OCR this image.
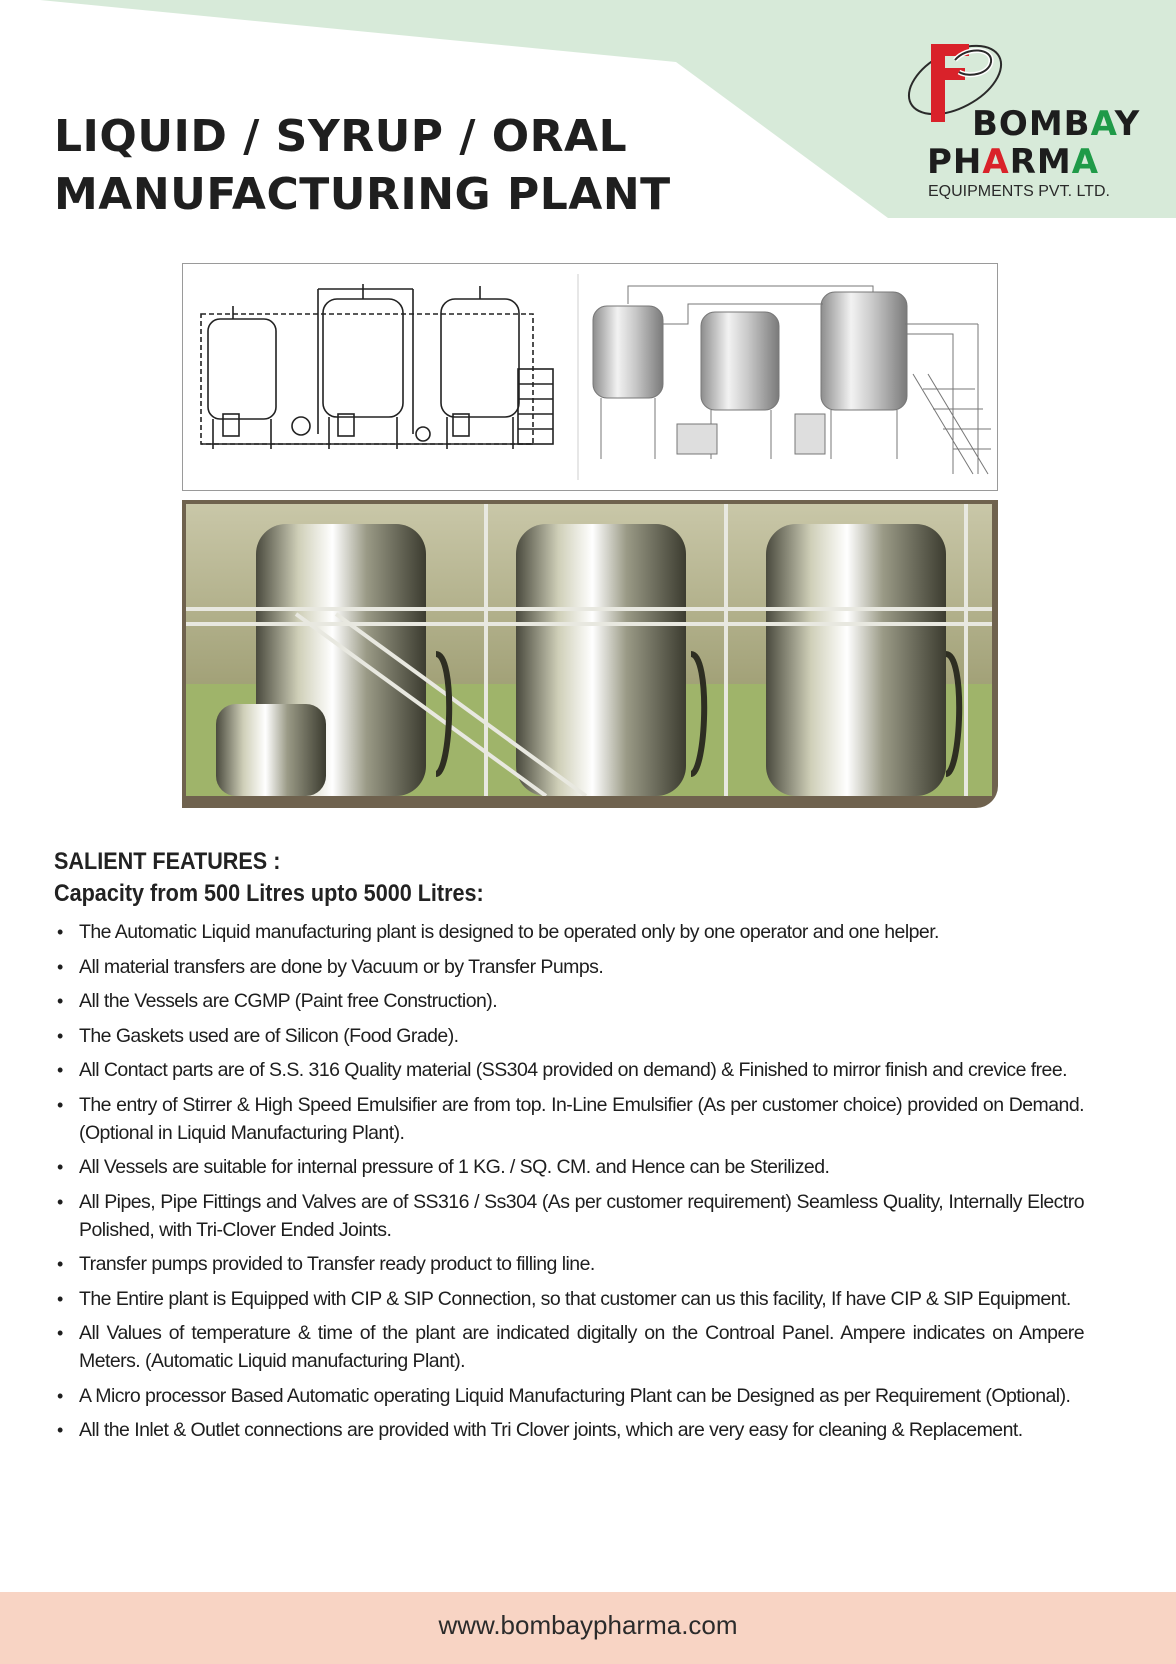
LIQUID / SYRUP / ORAL
MANUFACTURING PLANT
BOMBAY
PHARMA
EQUIPMENTS PVT. LTD.
SALIENT FEATURES :
Capacity from 500 Litres upto 5000 Litres:
• The Automatic Liquid manufacturing plant is designed to be operated only by one operator and one helper.
• All material transfers are done by Vacuum or by Transfer Pumps.
• All the Vessels are CGMP (Paint free Construction).
• The Gaskets used are of Silicon (Food Grade).
• All Contact parts are of S.S. 316 Quality material (SS304 provided on demand) & Finished to mirror finish and crevice free.
• The entry of Stirrer & High Speed Emulsifier are from top. In-Line Emulsifier (As per customer choice) provided on Demand. (Optional in Liquid Manufacturing Plant).
• All Vessels are suitable for internal pressure of 1 KG. / SQ. CM. and Hence can be Sterilized.
• All Pipes, Pipe Fittings and Valves are of SS316 / Ss304 (As per customer requirement) Seamless Quality, Internally Electro Polished, with Tri-Clover Ended Joints.
• Transfer pumps provided to Transfer ready product to filling line.
• The Entire plant is Equipped with CIP & SIP Connection, so that customer can us this facility, If have CIP & SIP Equipment.
• All Values of temperature & time of the plant are indicated digitally on the Controal Panel. Ampere indicates on Ampere Meters. (Automatic Liquid manufacturing Plant).
• A Micro processor Based Automatic operating Liquid Manufacturing Plant can be Designed as per Requirement (Optional).
• All the Inlet & Outlet connections are provided with Tri Clover joints, which are very easy for cleaning & Replacement.
www.bombaypharma.com
